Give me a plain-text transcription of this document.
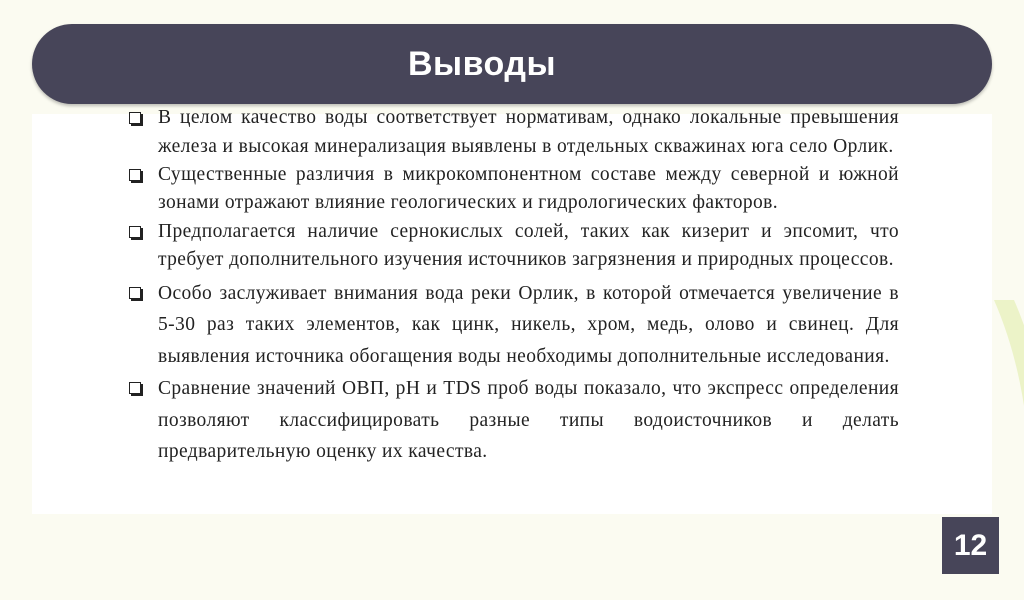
Выводы
В целом качество воды соответствует нормативам, однако локальные превышения железа и высокая минерализация выявлены в отдельных скважинах юга село Орлик.
Существенные различия в микрокомпонентном составе между северной и южной зонами отражают влияние геологических и гидрологических факторов.
Предполагается наличие сернокислых солей, таких как кизерит и эпсомит, что требует дополнительного изучения источников загрязнения и природных процессов.
Особо заслуживает внимания вода реки Орлик, в которой отмечается увеличение в 5-30 раз таких элементов, как цинк, никель, хром, медь, олово и свинец. Для выявления источника обогащения воды необходимы дополнительные исследования.
Сравнение значений ОВП, рН и TDS проб воды показало, что экспресс определения позволяют классифицировать разные типы водоисточников и делать предварительную оценку их качества.
12
